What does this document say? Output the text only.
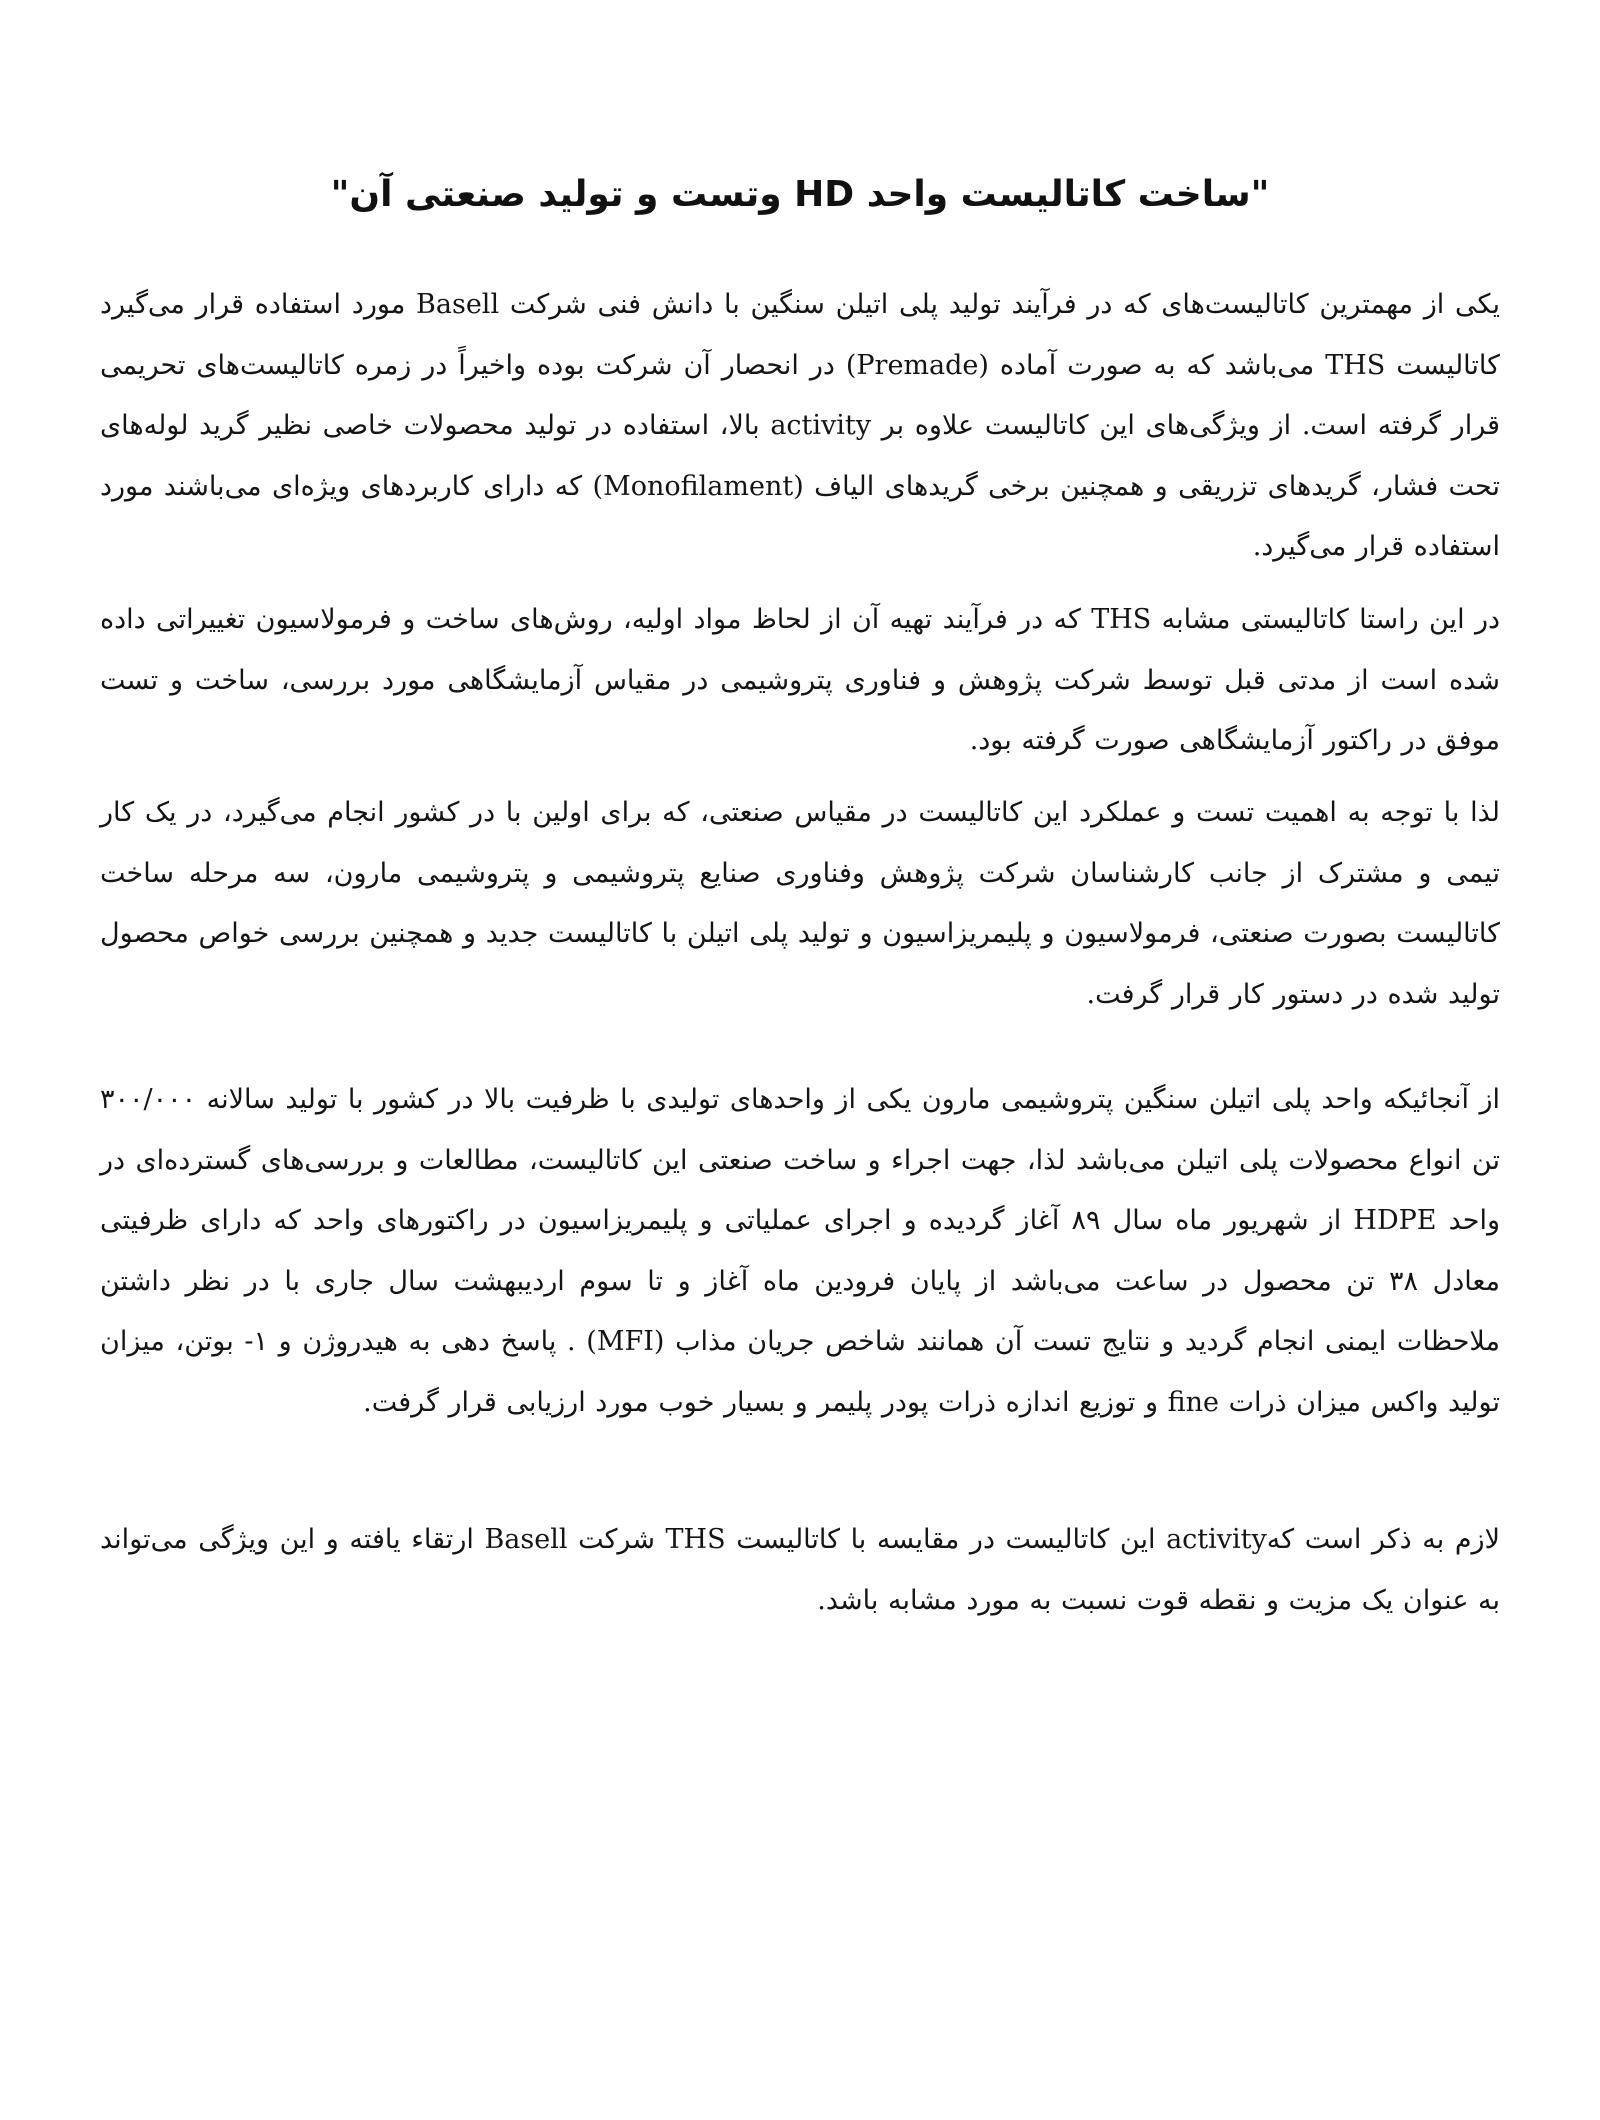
"ساخت کاتالیست واحد HD وتست و تولید صنعتی آن"

یکی از مهمترین کاتالیست‌های که در فرآیند تولید پلی اتیلن سنگین با دانش فنی شرکت Basell مورد استفاده قرار می‌گیرد کاتالیست THS می‌باشد که به صورت آماده (Premade) در انحصار آن شرکت بوده واخیراً در زمره کاتالیست‌های تحریمی قرار گرفته است. از ویژگی‌های این کاتالیست علاوه بر activity بالا، استفاده در تولید محصولات خاصی نظیر گرید لوله‌های تحت فشار، گریدهای تزریقی و همچنین برخی گریدهای الیاف (Monofilament) که دارای کاربردهای ویژه‌ای می‌باشند مورد استفاده قرار می‌گیرد.

در این راستا کاتالیستی مشابه THS که در فرآیند تهیه آن از لحاظ مواد اولیه، روش‌های ساخت و فرمولاسیون تغییراتی داده شده است از مدتی قبل توسط شرکت پژوهش و فناوری پتروشیمی در مقیاس آزمایشگاهی مورد بررسی، ساخت و تست موفق در راکتور آزمایشگاهی صورت گرفته بود.

لذا با توجه به اهمیت تست و عملکرد این کاتالیست در مقیاس صنعتی، که برای اولین با در کشور انجام می‌گیرد، در یک کار تیمی و مشترک از جانب کارشناسان شرکت پژوهش وفناوری صنایع پتروشیمی و پتروشیمی مارون، سه مرحله ساخت کاتالیست بصورت صنعتی، فرمولاسیون و پلیمریزاسیون و تولید پلی اتیلن با کاتالیست جدید و همچنین بررسی خواص محصول تولید شده در دستور کار قرار گرفت.

از آنجائیکه واحد پلی اتیلن سنگین پتروشیمی مارون یکی از واحدهای تولیدی با ظرفیت بالا در کشور با تولید سالانه ۳۰۰/۰۰۰ تن انواع محصولات پلی اتیلن می‌باشد لذا، جهت اجراء و ساخت صنعتی این کاتالیست، مطالعات و بررسی‌های گسترده‌ای در واحد HDPE از شهریور ماه سال ۸۹ آغاز گردیده و اجرای عملیاتی و پلیمریزاسیون در راکتورهای واحد که دارای ظرفیتی معادل ۳۸ تن محصول در ساعت می‌باشد از پایان فرودین ماه آغاز و تا سوم اردیبهشت سال جاری با در نظر داشتن ملاحظات ایمنی انجام گردید و نتایج تست آن همانند شاخص جریان مذاب (MFI) . پاسخ دهی به هیدروژن و ۱- بوتن، میزان تولید واکس میزان ذرات fine و توزیع اندازه ذرات پودر پلیمر و بسیار خوب مورد ارزیابی قرار گرفت.

لازم به ذکر است کهactivity این کاتالیست در مقایسه با کاتالیست THS شرکت Basell ارتقاء یافته و این ویژگی می‌تواند به عنوان یک مزیت و نقطه قوت نسبت به مورد مشابه باشد.
